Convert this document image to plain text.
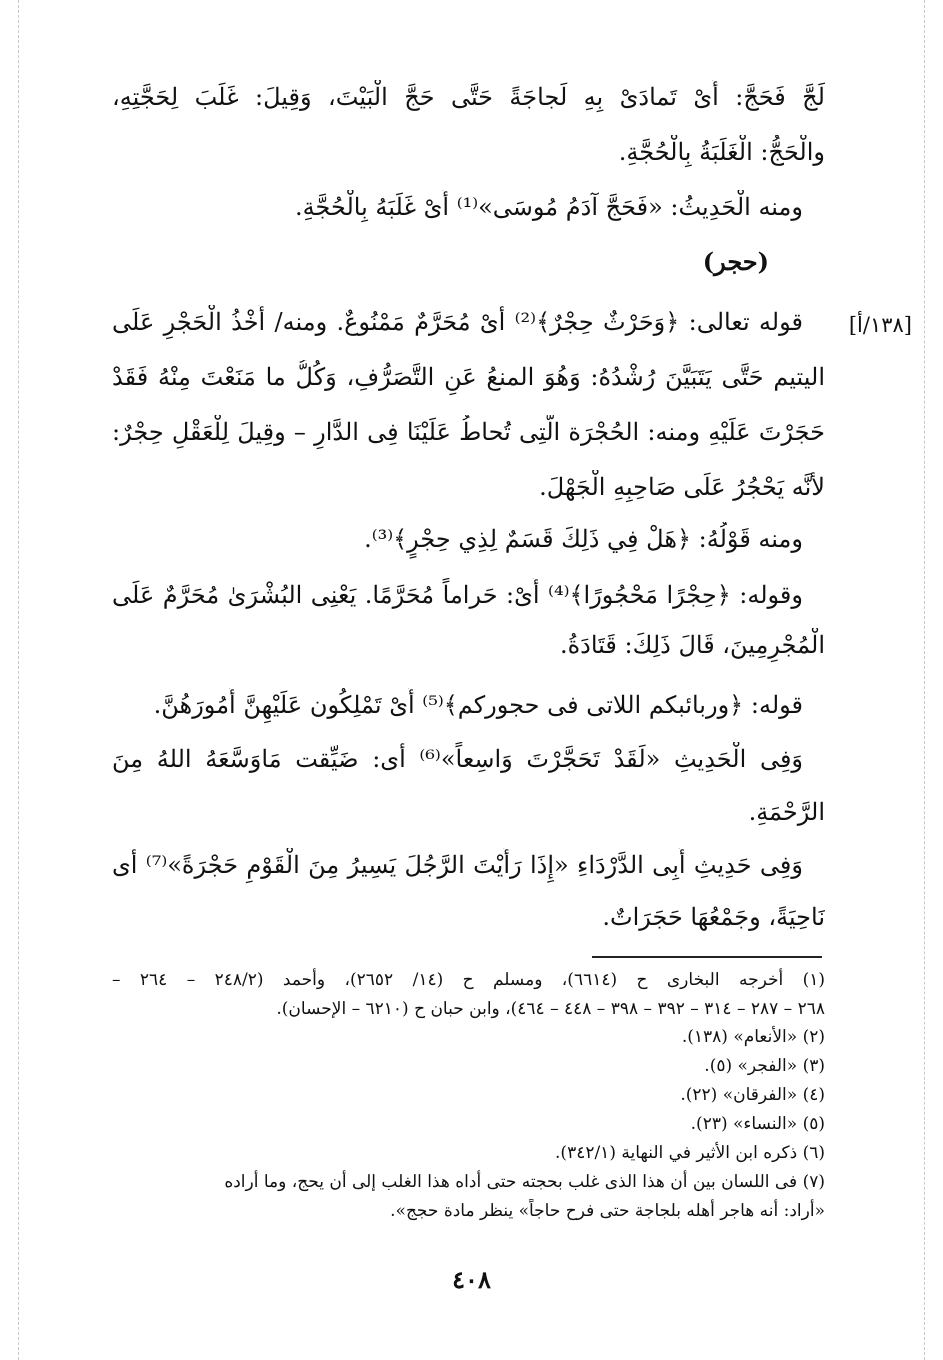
لَجَّ فَحَجَّ: أَىْ تَمادَىْ بِهِ لَجاجَةً حَتَّى حَجَّ الْبَيْتَ، وَقِيلَ: غَلَبَ لِحَجَّتِهِ،
والْحَجُّ: الْغَلَبَةُ بِالْحُجَّةِ.
ومنه الْحَدِيثُ: «فَحَجَّ آدَمُ مُوسَى»⁽¹⁾ أَىْ غَلَبَهُ بِالْحُجَّةِ.
(حجر)
[١٣٨/أ]
قوله تعالى: ﴿وَحَرْثٌ حِجْرٌ﴾⁽²⁾ أىْ مُحَرَّمٌ مَمْنُوعٌ. ومنه/ أَخْذُ الْحَجْرِ عَلَى
اليتيم حَتَّى يَتَبَيَّنَ رُشْدُهُ: وَهُوَ المنعُ عَنِ التَّصَرُّفِ، وَكُلُّ ما مَنَعْتَ مِنْهُ فَقَدْ
حَجَرْتَ عَلَيْهِ ومنه: الحُجْرَة الَّتِى تُحاطُ عَلَيْنَا فِى الدَّارِ – وقِيلَ لِلْعَقْلِ حِجْرٌ:
لأنَّه يَحْجُرُ عَلَى صَاحِبِهِ الْجَهْلَ.
ومنه قَوْلُهُ: ﴿هَلْ فِي ذَلِكَ قَسَمٌ لِذِي حِجْرٍ﴾⁽³⁾.
وقوله: ﴿حِجْرًا مَحْجُورًا﴾⁽⁴⁾ أَىْ: حَراماً مُحَرَّمًا. يَعْنِى البُشْرَىٰ مُحَرَّمٌ عَلَى
الْمُجْرِمِينَ، قَالَ ذَلِكَ: قَتَادَةُ.
قوله: ﴿وربائبكم اللاتى فى حجوركم﴾⁽⁵⁾ أَىْ تَمْلِكُون عَلَيْهِنَّ أُمُورَهُنَّ.
وَفِى الْحَدِيثِ «لَقَدْ تَحَجَّرْتَ وَاسِعاً»⁽⁶⁾ أى: ضَيِّقت مَاوَسَّعَهُ اللهُ مِنَ
الرَّحْمَةِ.
وَفِى حَدِيثِ أَبِى الدَّرْدَاءِ «إِذَا رَأَيْتَ الرَّجُلَ يَسِيرُ مِنَ الْقَوْمِ حَجْرَةً»⁽⁷⁾ أى
نَاحِيَةً، وجَمْعُهَا حَجَرَاتٌ.
(١) أخرجه البخارى ح (٦٦١٤)، ومسلم ح (١٤/ ٢٦٥٢)، وأحمد (٢٤٨/٢ – ٢٦٤ –
٢٦٨ – ٢٨٧ – ٣١٤ – ٣٩٢ – ٣٩٨ – ٤٤٨ – ٤٦٤)، وابن حبان ح (٦٢١٠ – الإحسان).
(٢) «الأنعام» (١٣٨).
(٣) «الفجر» (٥).
(٤) «الفرقان» (٢٢).
(٥) «النساء» (٢٣).
(٦) ذكره ابن الأثير في النهاية (٣٤٢/١).
(٧) فى اللسان بين أن هذا الذى غلب بحجته حتى أداه هذا الغلب إلى أن يحج، وما أراده
«أراد: أنه هاجر أهله بلجاجة حتى فرح حاجاً» ينظر مادة حجج».
٤٠٨
